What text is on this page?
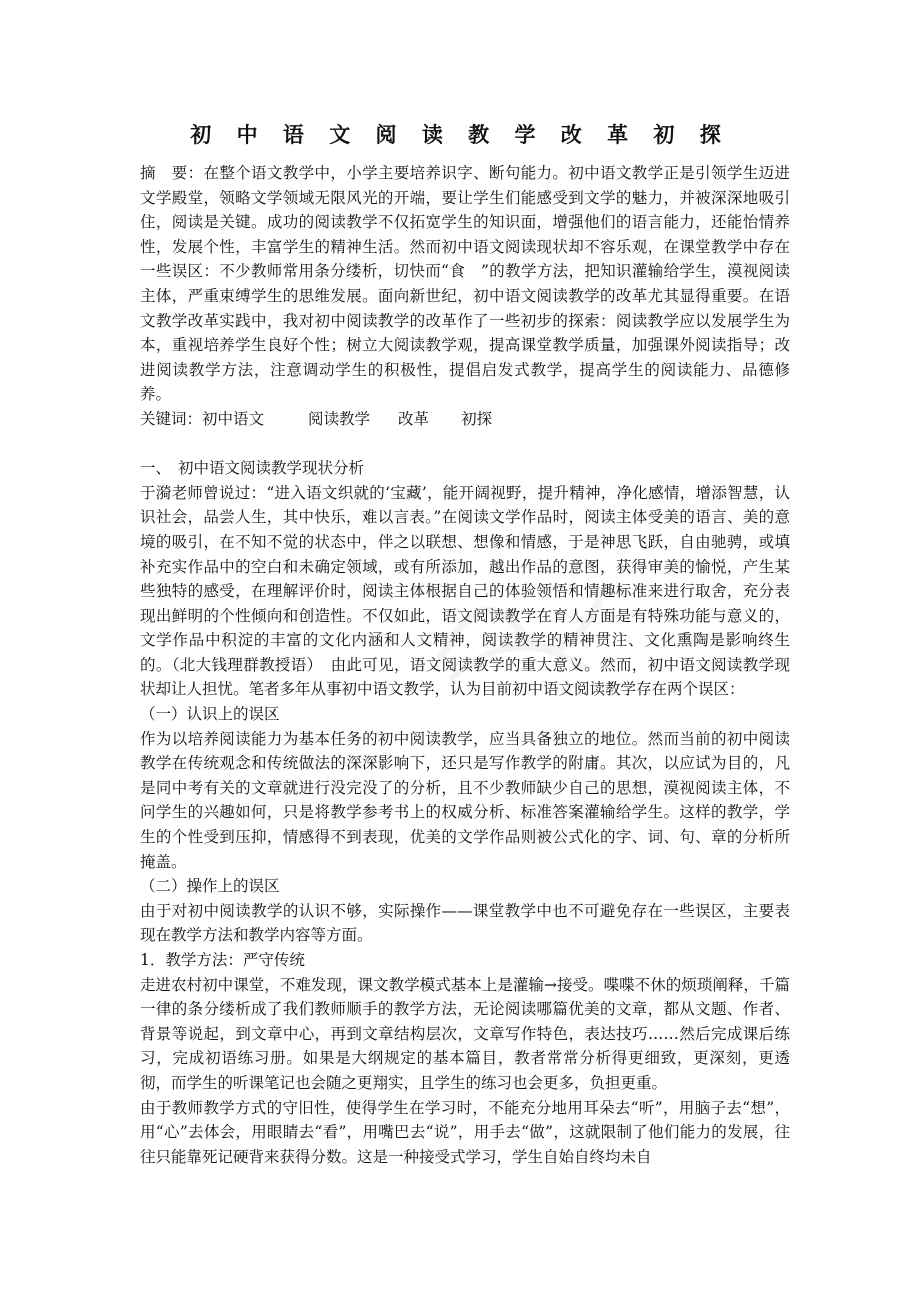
初 中 语 文 阅 读 教 学 改 革 初 探

摘　要：在整个语文教学中，小学主要培养识字、断句能力。初中语文教学正是引领学生迈进文学殿堂，领略文学领域无限风光的开端，要让学生们能感受到文学的魅力，并被深深地吸引住，阅读是关键。成功的阅读教学不仅拓宽学生的知识面，增强他们的语言能力，还能怡情养性，发展个性，丰富学生的精神生活。然而初中语文阅读现状却不容乐观，在课堂教学中存在一些误区：不少教师常用条分缕析，切快而“食　”的教学方法，把知识灌输给学生，漠视阅读主体，严重束缚学生的思维发展。面向新世纪，初中语文阅读教学的改革尤其显得重要。在语文教学改革实践中，我对初中阅读教学的改革作了一些初步的探索：阅读教学应以发展学生为本，重视培养学生良好个性；树立大阅读教学观，提高课堂教学质量，加强课外阅读指导；改进阅读教学方法，注意调动学生的积极性，提倡启发式教学，提高学生的阅读能力、品德修养。

关键词：初中语文	阅读教学 改革 初探

一、 初中语文阅读教学现状分析

于漪老师曾说过：“进入语文织就的‘宝藏’，能开阔视野，提升精神，净化感情，增添智慧，认识社会，品尝人生，其中快乐，难以言表。”在阅读文学作品时，阅读主体受美的语言、美的意境的吸引，在不知不觉的状态中，伴之以联想、想像和情感，于是神思飞跃，自由驰骋，或填补充实作品中的空白和未确定领域，或有所添加，越出作品的意图，获得审美的愉悦，产生某些独特的感受，在理解评价时，阅读主体根据自己的体验领悟和情趣标准来进行取舍，充分表现出鲜明的个性倾向和创造性。不仅如此，语文阅读教学在育人方面是有特殊功能与意义的，文学作品中积淀的丰富的文化内涵和人文精神，阅读教学的精神贯注、文化熏陶是影响终生的。（北大钱理群教授语）　由此可见，语文阅读教学的重大意义。然而，初中语文阅读教学现状却让人担忧。笔者多年从事初中语文教学，认为目前初中语文阅读教学存在两个误区：

（一）认识上的误区

作为以培养阅读能力为基本任务的初中阅读教学，应当具备独立的地位。然而当前的初中阅读教学在传统观念和传统做法的深深影响下，还只是写作教学的附庸。其次，以应试为目的，凡是同中考有关的文章就进行没完没了的分析，且不少教师缺少自己的思想，漠视阅读主体，不问学生的兴趣如何，只是将教学参考书上的权威分析、标准答案灌输给学生。这样的教学，学生的个性受到压抑，情感得不到表现，优美的文学作品则被公式化的字、词、句、章的分析所掩盖。

（二）操作上的误区

由于对初中阅读教学的认识不够，实际操作——课堂教学中也不可避免存在一些误区，主要表现在教学方法和教学内容等方面。

1．教学方法：严守传统

走进农村初中课堂，不难发现，课文教学模式基本上是灌输→接受。喋喋不休的烦琐阐释，千篇一律的条分缕析成了我们教师顺手的教学方法，无论阅读哪篇优美的文章，都从文题、作者、背景等说起，到文章中心，再到文章结构层次，文章写作特色，表达技巧……然后完成课后练习，完成初语练习册。如果是大纲规定的基本篇目，教者常常分析得更细致，更深刻，更透彻，而学生的听课笔记也会随之更翔实，且学生的练习也会更多，负担更重。

由于教师教学方式的守旧性，使得学生在学习时，不能充分地用耳朵去“听”，用脑子去“想”，用“心”去体会，用眼睛去“看”，用嘴巴去“说”，用手去“做”，这就限制了他们能力的发展，往往只能靠死记硬背来获得分数。这是一种接受式学习，学生自始自终均未自
